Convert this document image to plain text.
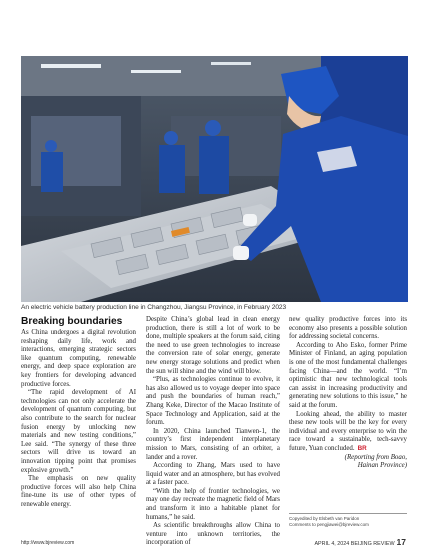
An electric vehicle battery production line in Changzhou, Jiangsu Province, in February 2023

Breaking boundaries

As China undergoes a digital revolution reshaping daily life, work and interactions, emerging strategic sectors like quantum computing, renewable energy, and deep space exploration are key frontiers for developing advanced productive forces.

“The rapid development of AI technologies can not only accelerate the development of quantum computing, but also contribute to the search for nuclear fusion energy by unlocking new materials and new testing conditions,” Lee said. “The synergy of these three sectors will drive us toward an innovation tipping point that promises explosive growth.”

The emphasis on new quality productive forces will also help China fine-tune its use of other types of renewable energy.

Despite China’s global lead in clean energy production, there is still a lot of work to be done, multiple speakers at the forum said, citing the need to use green technologies to increase the conversion rate of solar energy, generate new energy storage solutions and predict when the sun will shine and the wind will blow.

“Plus, as technologies continue to evolve, it has also allowed us to voyage deeper into space and push the boundaries of human reach,” Zhang Keke, Director of the Macao Institute of Space Technology and Application, said at the forum.

In 2020, China launched Tianwen-1, the country’s first independent interplanetary mission to Mars, consisting of an orbiter, a lander and a rover.

According to Zhang, Mars used to have liquid water and an atmosphere, but has evolved at a faster pace.

“With the help of frontier technologies, we may one day recreate the magnetic field of Mars and transform it into a habitable planet for humans,” he said.

As scientific breakthroughs allow China to venture into unknown territories, the incorporation of

new quality productive forces into its economy also presents a possible solution for addressing societal concerns.

According to Aho Esko, former Prime Minister of Finland, an aging population is one of the most fundamental challenges facing China—and the world. “I’m optimistic that new technological tools can assist in increasing productivity and generating new solutions to this issue,” he said at the forum.

Looking ahead, the ability to master these new tools will be the key for every individual and every enterprise to win the race toward a sustainable, tech-savvy future, Yuan concluded. BR

(Reporting from Boao,

Hainan Province)

Copyedited by Elsbeth van Paridon
Comments to pengjiawei@bjreview.com
http://www.bjreview.com	APRIL 4, 2024 BEIJING REVIEW 17
